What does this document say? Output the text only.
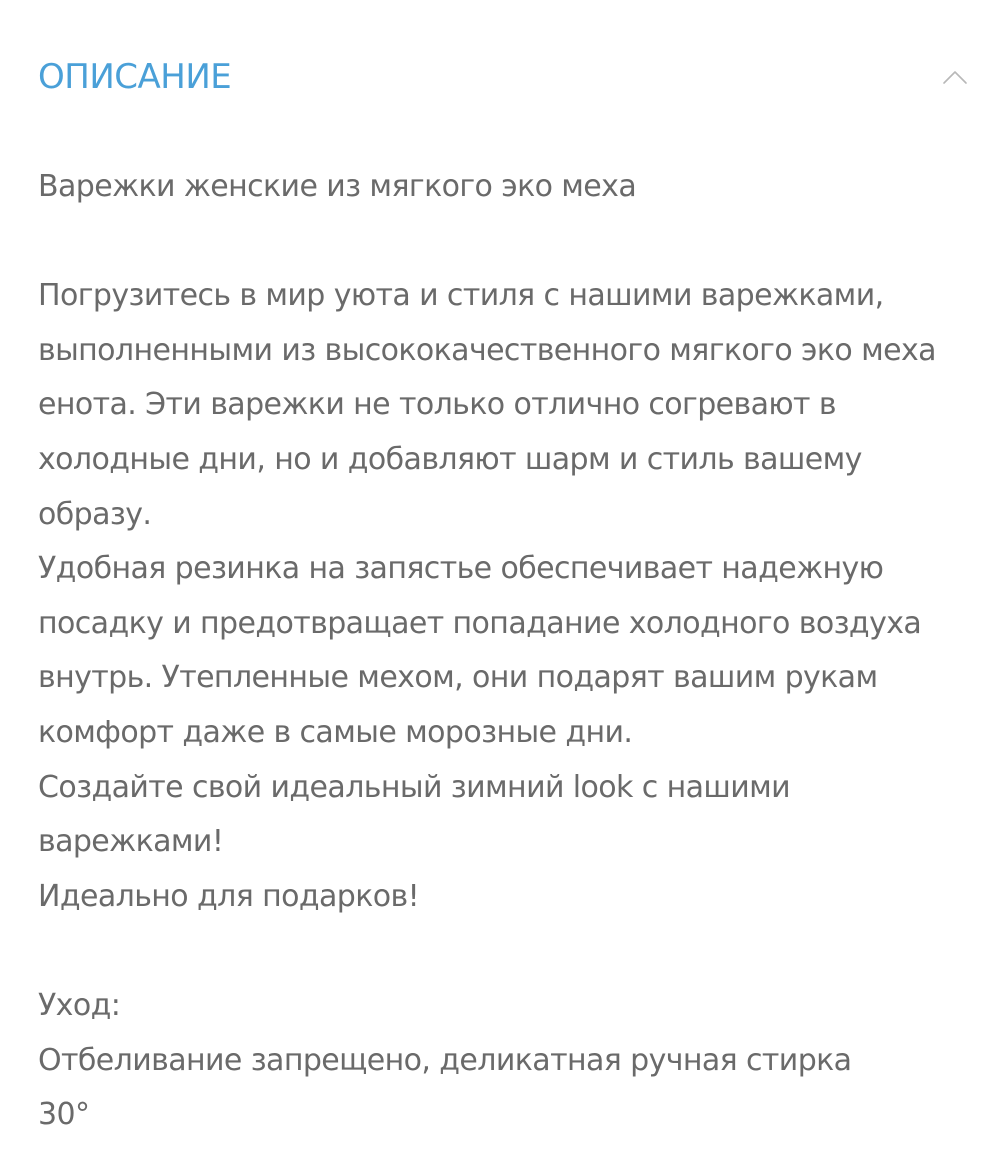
ОПИСАНИЕ

Варежки женские из мягкого эко меха

Погрузитесь в мир уюта и стиля с нашими варежками,

выполненными из высококачественного мягкого эко меха

енота. Эти варежки не только отлично согревают в

холодные дни, но и добавляют шарм и стиль вашему

образу.

Удобная резинка на запястье обеспечивает надежную

посадку и предотвращает попадание холодного воздуха

внутрь. Утепленные мехом, они подарят вашим рукам

комфорт даже в самые морозные дни.

Создайте свой идеальный зимний look с нашими

варежками!

Идеально для подарков!

Уход:

Отбеливание запрещено, деликатная ручная стирка

30°
